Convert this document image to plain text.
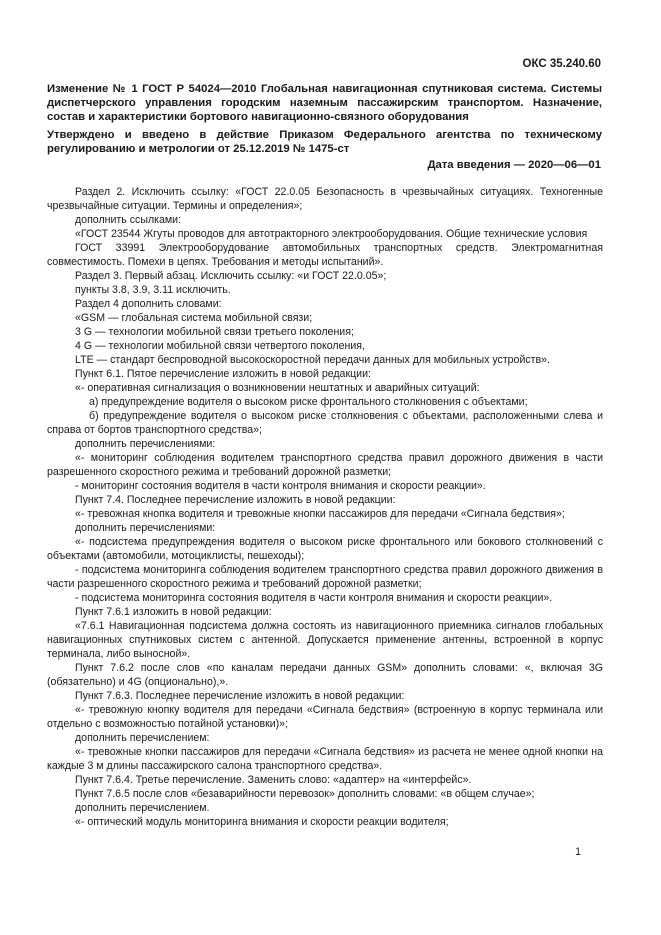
ОКС 35.240.60
Изменение № 1 ГОСТ Р 54024—2010 Глобальная навигационная спутниковая система. Системы диспетчерского управления городским наземным пассажирским транспортом. Назначение, состав и характеристики бортового навигационно-связного оборудования
Утверждено и введено в действие Приказом Федерального агентства по техническому регулированию и метрологии от 25.12.2019 № 1475-ст
Дата введения — 2020—06—01

Раздел 2. Исключить ссылку: «ГОСТ 22.0.05 Безопасность в чрезвычайных ситуациях. Техногенные чрезвычайные ситуации. Термины и определения»;

дополнить ссылками:

«ГОСТ 23544 Жгуты проводов для автотракторного электрооборудования. Общие технические условия

ГОСТ 33991 Электрооборудование автомобильных транспортных средств. Электромагнитная совместимость. Помехи в цепях. Требования и методы испытаний».

Раздел 3. Первый абзац. Исключить ссылку: «и ГОСТ 22.0.05»;

пункты 3.8, 3.9, 3.11 исключить.

Раздел 4 дополнить словами:

«GSM — глобальная система мобильной связи;

3 G — технологии мобильной связи третьего поколения;

4 G — технологии мобильной связи четвертого поколения,

LTE — стандарт беспроводной высокоскоростной передачи данных для мобильных устройств».

Пункт 6.1. Пятое перечисление изложить в новой редакции:

«- оперативная сигнализация о возникновении нештатных и аварийных ситуаций:

а) предупреждение водителя о высоком риске фронтального столкновения с объектами;

б) предупреждение водителя о высоком риске столкновения с объектами, расположенными слева и справа от бортов транспортного средства»;

дополнить перечислениями:

«- мониторинг соблюдения водителем транспортного средства правил дорожного движения в части разрешенного скоростного режима и требований дорожной разметки;

- мониторинг состояния водителя в части контроля внимания и скорости реакции».

Пункт 7.4. Последнее перечисление изложить в новой редакции:

«- тревожная кнопка водителя и тревожные кнопки пассажиров для передачи «Сигнала бедствия»;

дополнить перечислениями:

«- подсистема предупреждения водителя о высоком риске фронтального или бокового столкновений с объектами (автомобили, мотоциклисты, пешеходы);

- подсистема мониторинга соблюдения водителем транспортного средства правил дорожного движения в части разрешенного скоростного режима и требований дорожной разметки;

- подсистема мониторинга состояния водителя в части контроля внимания и скорости реакции».

Пункт 7.6.1 изложить в новой редакции:

«7.6.1 Навигационная подсистема должна состоять из навигационного приемника сигналов глобальных навигационных спутниковых систем с антенной. Допускается применение антенны, встроенной в корпус терминала, либо выносной».

Пункт 7.6.2 после слов «по каналам передачи данных GSM» дополнить словами: «, включая 3G (обязательно) и 4G (опционально),».

Пункт 7.6.3. Последнее перечисление изложить в новой редакции:

«- тревожную кнопку водителя для передачи «Сигнала бедствия» (встроенную в корпус терминала или отдельно с возможностью потайной установки)»;

дополнить перечислением:

«- тревожные кнопки пассажиров для передачи «Сигнала бедствия» из расчета не менее одной кнопки на каждые 3 м длины пассажирского салона транспортного средства».

Пункт 7.6.4. Третье перечисление. Заменить слово: «адаптер» на «интерфейс».

Пункт 7.6.5 после слов «безаварийности перевозок» дополнить словами: «в общем случае»;

дополнить перечислением.

«- оптический модуль мониторинга внимания и скорости реакции водителя;

1
